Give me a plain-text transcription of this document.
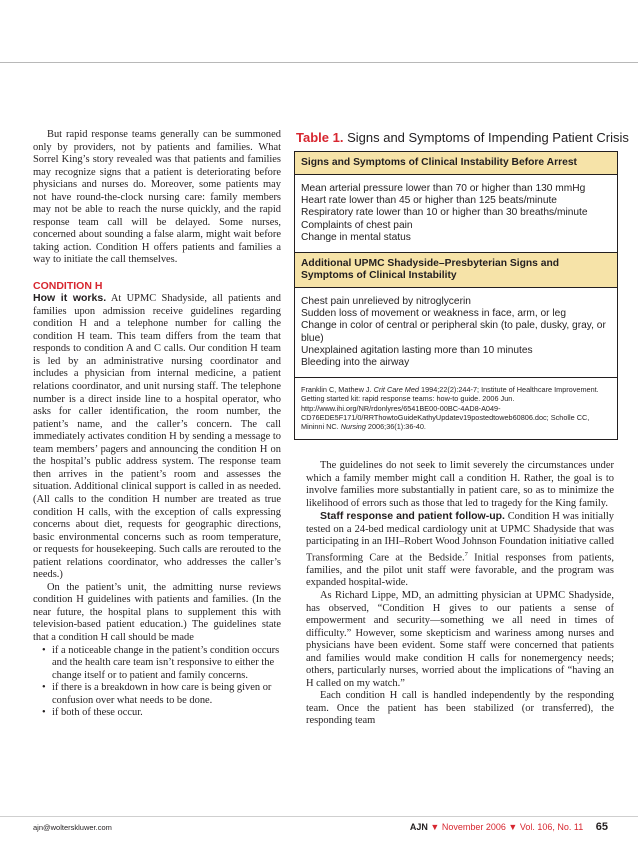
But rapid response teams generally can be summoned only by providers, not by patients and families. What Sorrel King’s story revealed was that patients and families may recognize signs that a patient is deteriorating before physicians and nurses do. Moreover, some patients may not have round-the-clock nursing care: family members may not be able to reach the nurse quickly, and the rapid response team call will be delayed. Some nurses, concerned about sounding a false alarm, might wait before taking action. Condition H offers patients and families a way to initiate the call themselves.

CONDITION H

How it works. At UPMC Shadyside, all patients and families upon admission receive guidelines regarding condition H and a telephone number for calling the condition H team. This team differs from the team that responds to condition A and C calls. Our condition H team is led by an administrative nursing coordinator and includes a physician from internal medicine, a patient relations coordinator, and unit nursing staff. The telephone number is a direct inside line to a hospital operator, who asks for caller identification, the room number, the patient’s name, and the caller’s concern. The call immediately activates condition H by sending a message to team members’ pagers and announcing the condition H on the hospital’s public address system. The response team then arrives in the patient’s room and assesses the situation. Additional clinical support is called in as needed. (All calls to the condition H number are treated as true condition H calls, with the exception of calls expressing concerns about diet, requests for geographic directions, basic environmental concerns such as room temperature, or requests for housekeeping. Such calls are rerouted to the patient relations coordinator, who addresses the caller’s needs.)

On the patient’s unit, the admitting nurse reviews condition H guidelines with patients and families. (In the near future, the hospital plans to supplement this with television-based patient education.) The guidelines state that a condition H call should be made

• if a noticeable change in the patient’s condition occurs and the health care team isn’t responsive to either the change itself or to patient and family concerns.
• if there is a breakdown in how care is being given or confusion over what needs to be done.
• if both of these occur.
Table 1. Signs and Symptoms of Impending Patient Crisis
Signs and Symptoms of Clinical Instability Before Arrest
Mean arterial pressure lower than 70 or higher than 130 mmHg
Heart rate lower than 45 or higher than 125 beats/minute
Respiratory rate lower than 10 or higher than 30 breaths/minute
Complaints of chest pain
Change in mental status
Additional UPMC Shadyside–Presbyterian Signs and Symptoms of Clinical Instability
Chest pain unrelieved by nitroglycerin
Sudden loss of movement or weakness in face, arm, or leg
Change in color of central or peripheral skin (to pale, dusky, gray, or blue)
Unexplained agitation lasting more than 10 minutes
Bleeding into the airway
Franklin C, Mathew J. Crit Care Med 1994;22(2):244-7; Institute of Healthcare Improvement. Getting started kit: rapid response teams: how-to guide. 2006 Jun. http://www.ihi.org/NR/rdonlyres/6541BE00-00BC-4AD8-A049-CD76EDE5F171/0/RRThowtoGuideKathyUpdatev19postedtoweb60806.doc; Scholle CC, Mininni NC. Nursing 2006;36(1):36-40.

The guidelines do not seek to limit severely the circumstances under which a family member might call a condition H. Rather, the goal is to involve families more substantially in patient care, so as to minimize the likelihood of errors such as those that led to tragedy for the King family.

Staff response and patient follow-up. Condition H was initially tested on a 24-bed medical cardiology unit at UPMC Shadyside that was participating in an IHI–Robert Wood Johnson Foundation initiative called Transforming Care at the Bedside.$^7$ Initial responses from patients, families, and the pilot unit staff were favorable, and the program was expanded hospital-wide.

As Richard Lippe, MD, an admitting physician at UPMC Shadyside, has observed, “Condition H gives to our patients a sense of empowerment and security—something we all need in times of difficulty.” However, some skepticism and wariness among nurses and physicians have been evident. Some staff were concerned that patients and families would make condition H calls for nonemergency needs; others, particularly nurses, worried about the implications of “having an H called on my watch.”

Each condition H call is handled independently by the responding team. Once the patient has been stabilized (or transferred), the responding team

ajn@wolterskluwer.com	AJN ▼ November 2006 ▼ Vol. 106, No. 11 65
